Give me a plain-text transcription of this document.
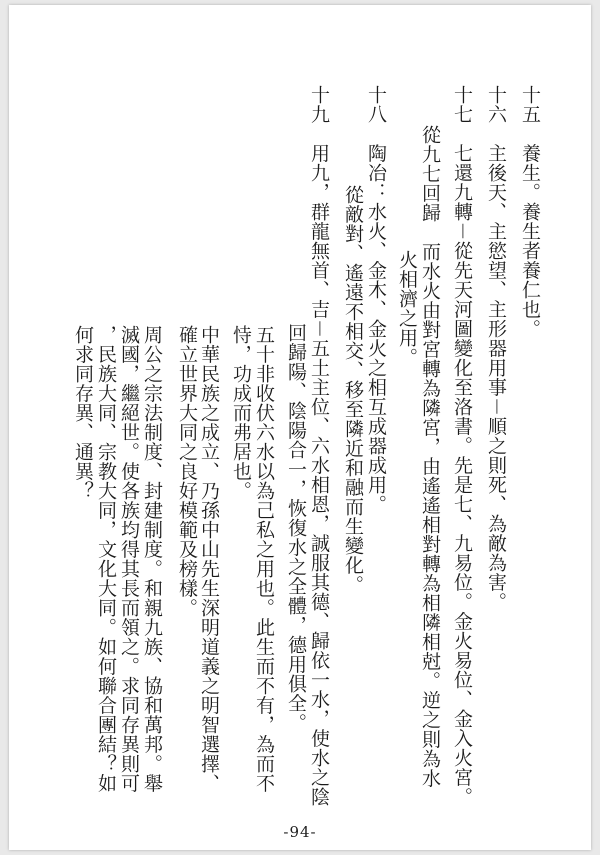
十五　養生。養生者養仁也。
十六　主後天、主慾望、主形器用事－順之則死、為敵為害。
十七　七還九轉－從先天河圖變化至洛書。先是七、九易位。金火易位、金入火宮。
從九七回歸　而水火由對宮轉為隣宮，由遙遙相對轉為相隣相尅。逆之則為水
火相濟之用。
十八　陶冶：水火、金木、金火之相互成器成用。
從敵對、遙遠不相交、移至隣近和融而生變化。
十九　用九，群龍無首、吉－五土主位、六水相恩，誠服其德、歸依一水，使水之陰
回歸陽、陰陽合一，恢復水之全體，德用俱全。
五十非收伏六水以為己私之用也。此生而不有，為而不
恃，功成而弗居也。
中華民族之成立、乃孫中山先生深明道義之明智選擇、
確立世界大同之良好模範及榜樣。
周公之宗法制度、封建制度。和親九族、協和萬邦。舉
滅國，繼絕世。使各族均得其長而領之。求同存異則可
，民族大同、宗教大同，文化大同。如何聯合團結？如
何求同存異、通異？
-94-
